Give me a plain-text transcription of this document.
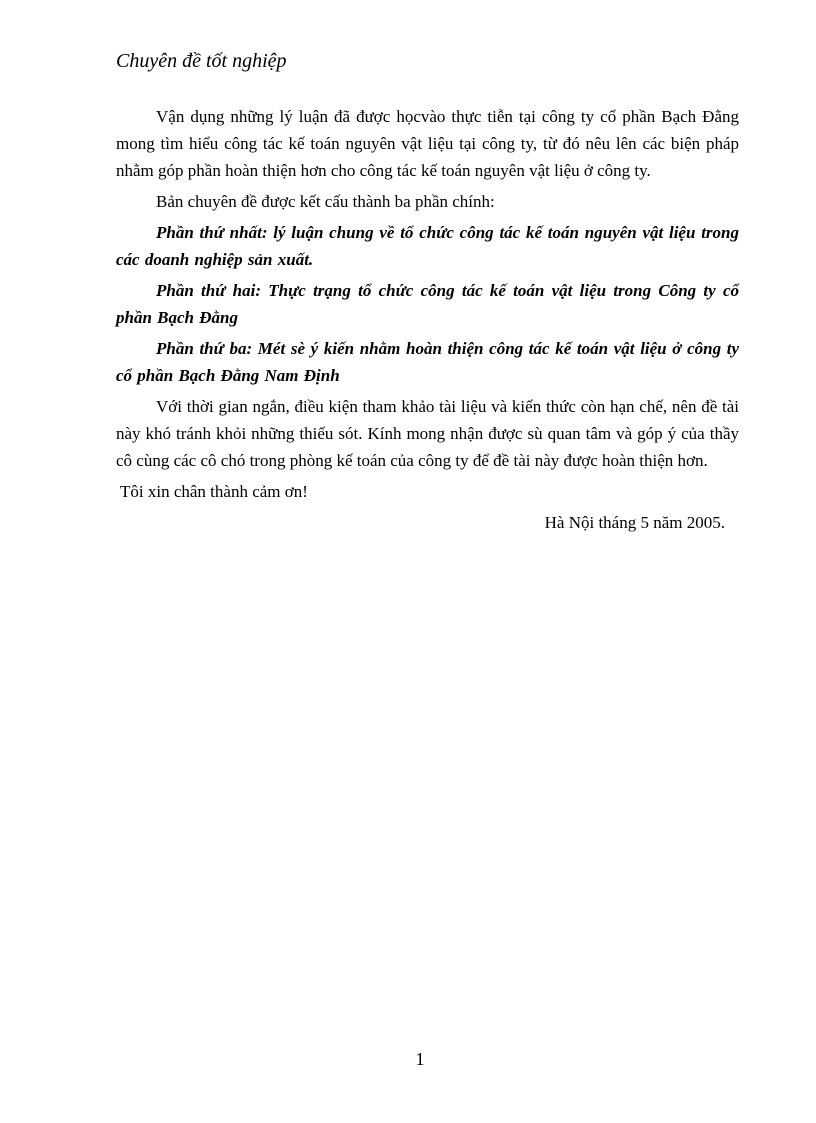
Chuyên đề tốt nghiệp

Vận dụng những lý luận đã được họcvào thực tiễn tại công ty cổ phần Bạch Đằng mong tìm hiểu công tác kế toán nguyên vật liệu tại công ty, từ đó nêu lên các biện pháp nhằm góp phần hoàn thiện hơn cho công tác kế toán nguyên vật liệu ở công ty.

Bản chuyên đề được kết cấu thành ba phần chính:

Phần thứ nhất: lý luận chung về tổ chức công tác kế toán nguyên vật liệu trong các doanh nghiệp sản xuất.

Phần thứ hai: Thực trạng tổ chức công tác kế toán vật liệu trong Công ty cổ phần Bạch Đằng

Phần thứ ba: Mét sè ý kiến nhằm hoàn thiện công tác kế toán vật liệu ở công ty cổ phần Bạch Đằng Nam Định

Với thời gian ngắn, điều kiện tham khảo tài liệu và kiến thức còn hạn chế, nên đề tài này khó tránh khỏi những thiếu sót. Kính mong nhận được sù quan tâm và góp ý của thầy cô cùng các cô chó trong phòng kế toán của công ty để đề tài này được hoàn thiện hơn.

Tôi xin chân thành cảm ơn!

Hà Nội tháng 5 năm 2005.

1
